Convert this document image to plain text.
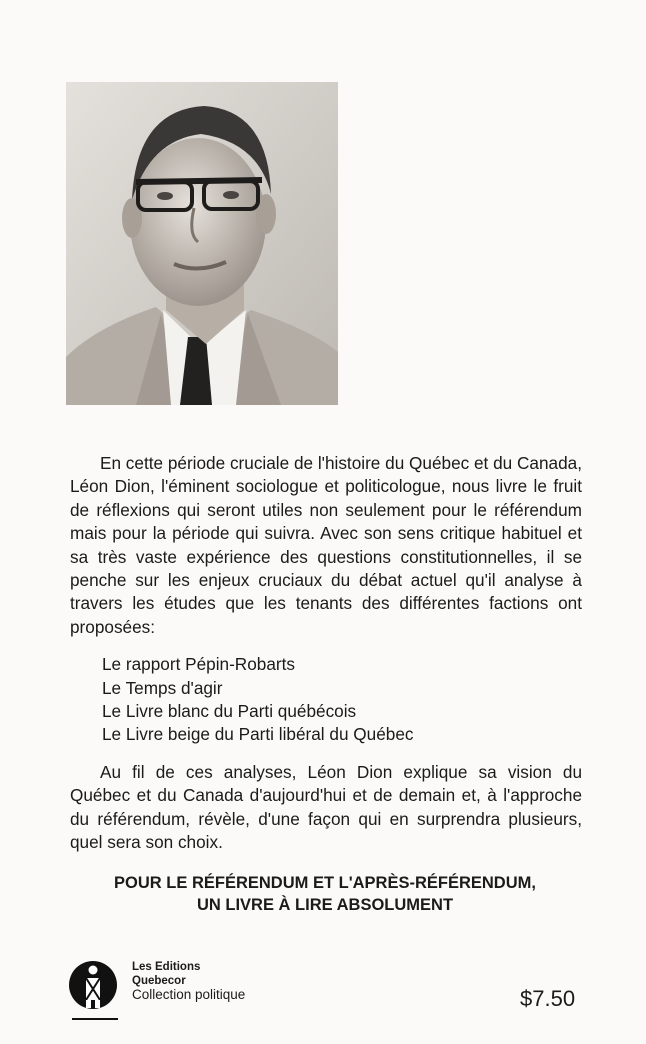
En cette période cruciale de l'histoire du Québec et du Canada, Léon Dion, l'éminent sociologue et politicologue, nous livre le fruit de réflexions qui seront utiles non seulement pour le référendum mais pour la période qui suivra. Avec son sens critique habituel et sa très vaste expérience des questions constitutionnelles, il se penche sur les enjeux cruciaux du débat actuel qu'il analyse à travers les études que les tenants des différentes factions ont proposées:

Le rapport Pépin-Robarts
Le Temps d'agir
Le Livre blanc du Parti québécois
Le Livre beige du Parti libéral du Québec

Au fil de ces analyses, Léon Dion explique sa vision du Québec et du Canada d'aujourd'hui et de demain et, à l'approche du référendum, révèle, d'une façon qui en surprendra plusieurs, quel sera son choix.

POUR LE RÉFÉRENDUM ET L'APRÈS-RÉFÉRENDUM,
UN LIVRE À LIRE ABSOLUMENT
Les Editions
Quebecor
Collection politique	$7.50
